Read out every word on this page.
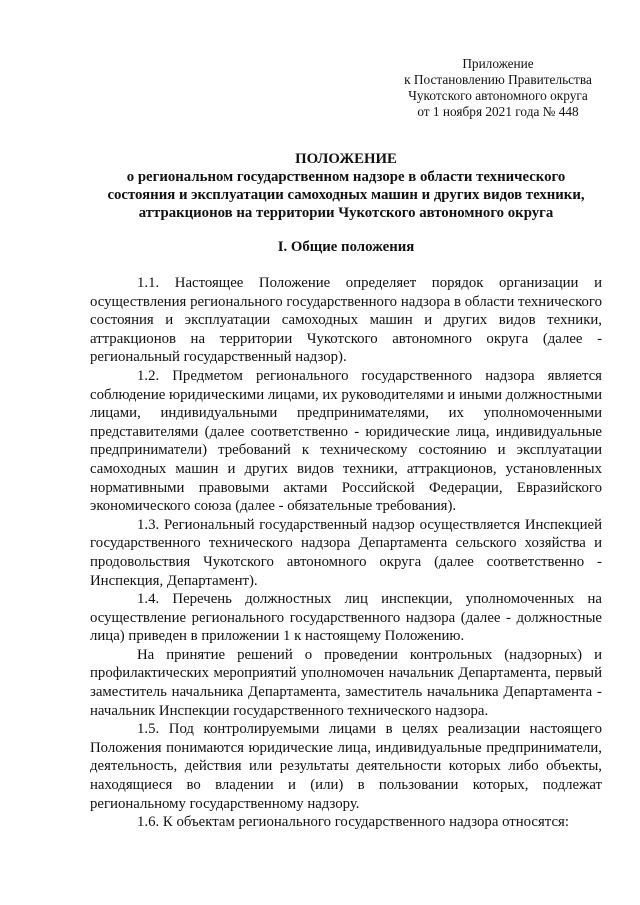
Приложение
к Постановлению Правительства
Чукотского автономного округа
от 1 ноября 2021 года № 448
ПОЛОЖЕНИЕ
о региональном государственном надзоре в области технического
состояния и эксплуатации самоходных машин и других видов техники,
аттракционов на территории Чукотского автономного округа
I. Общие положения

1.1. Настоящее Положение определяет порядок организации и осуществления регионального государственного надзора в области технического состояния и эксплуатации самоходных машин и других видов техники, аттракционов на территории Чукотского автономного округа (далее - региональный государственный надзор).

1.2. Предметом регионального государственного надзора является соблюдение юридическими лицами, их руководителями и иными должностными лицами, индивидуальными предпринимателями, их уполномоченными представителями (далее соответственно - юридические лица, индивидуальные предприниматели) требований к техническому состоянию и эксплуатации самоходных машин и других видов техники, аттракционов, установленных нормативными правовыми актами Российской Федерации, Евразийского экономического союза (далее - обязательные требования).

1.3. Региональный государственный надзор осуществляется Инспекцией государственного технического надзора Департамента сельского хозяйства и продовольствия Чукотского автономного округа (далее соответственно - Инспекция, Департамент).

1.4. Перечень должностных лиц инспекции, уполномоченных на осуществление регионального государственного надзора (далее - должностные лица) приведен в приложении 1 к настоящему Положению.

На принятие решений о проведении контрольных (надзорных) и профилактических мероприятий уполномочен начальник Департамента, первый заместитель начальника Департамента, заместитель начальника Департамента - начальник Инспекции государственного технического надзора.

1.5. Под контролируемыми лицами в целях реализации настоящего Положения понимаются юридические лица, индивидуальные предприниматели, деятельность, действия или результаты деятельности которых либо объекты, находящиеся во владении и (или) в пользовании которых, подлежат региональному государственному надзору.

1.6. К объектам регионального государственного надзора относятся:
